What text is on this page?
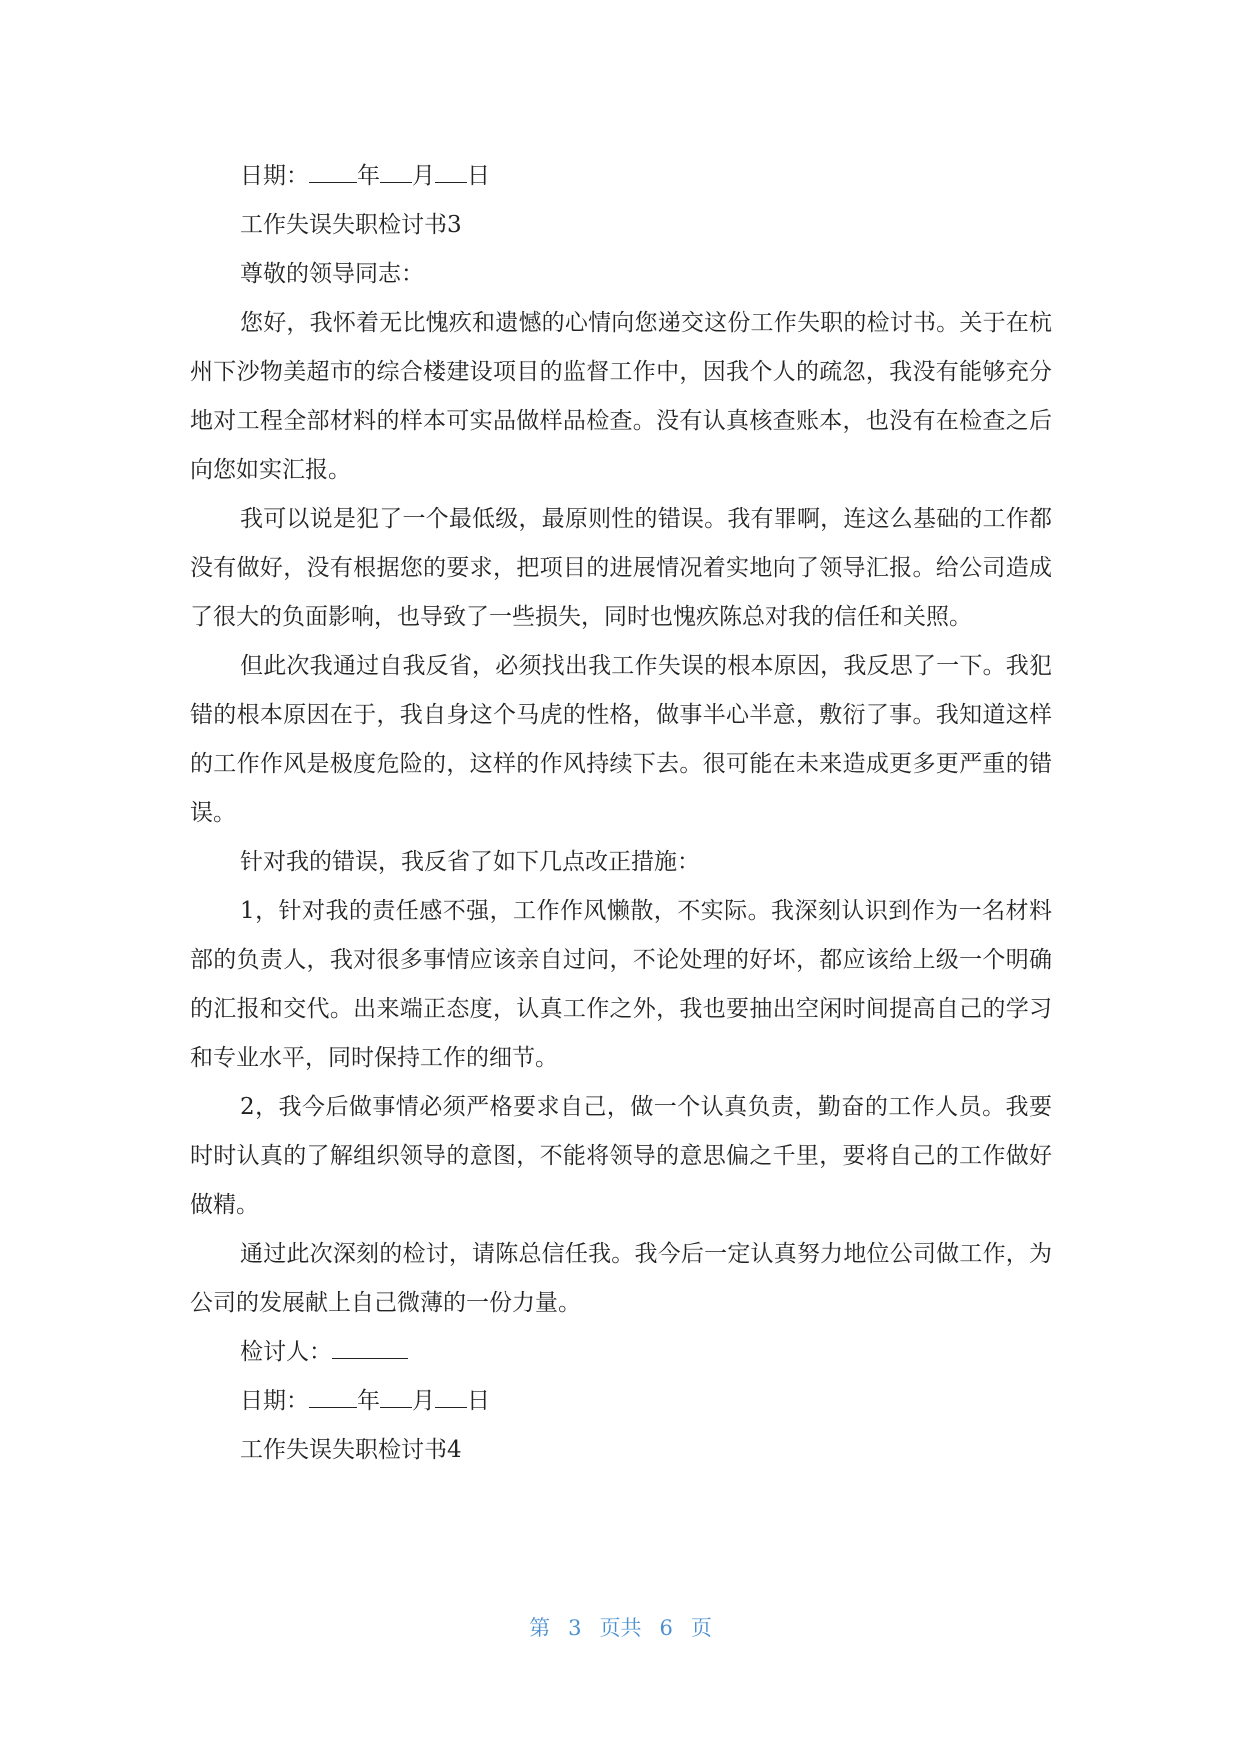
日期： 年 月 日

工作失误失职检讨书3

尊敬的领导同志：

您好，我怀着无比愧疚和遗憾的心情向您递交这份工作失职的检讨书。关于在杭州下沙物美超市的综合楼建设项目的监督工作中，因我个人的疏忽，我没有能够充分地对工程全部材料的样本可实品做样品检查。没有认真核查账本，也没有在检查之后向您如实汇报。

我可以说是犯了一个最低级，最原则性的错误。我有罪啊，连这么基础的工作都没有做好，没有根据您的要求，把项目的进展情况着实地向了领导汇报。给公司造成了很大的负面影响，也导致了一些损失，同时也愧疚陈总对我的信任和关照。

但此次我通过自我反省，必须找出我工作失误的根本原因，我反思了一下。我犯错的根本原因在于，我自身这个马虎的性格，做事半心半意，敷衍了事。我知道这样的工作作风是极度危险的，这样的作风持续下去。很可能在未来造成更多更严重的错误。

针对我的错误，我反省了如下几点改正措施：

1，针对我的责任感不强，工作作风懒散，不实际。我深刻认识到作为一名材料部的负责人，我对很多事情应该亲自过问，不论处理的好坏，都应该给上级一个明确的汇报和交代。出来端正态度，认真工作之外，我也要抽出空闲时间提高自己的学习和专业水平，同时保持工作的细节。

2，我今后做事情必须严格要求自己，做一个认真负责，勤奋的工作人员。我要时时认真的了解组织领导的意图，不能将领导的意思偏之千里，要将自己的工作做好做精。

通过此次深刻的检讨，请陈总信任我。我今后一定认真努力地位公司做工作，为公司的发展献上自己微薄的一份力量。

检讨人：

日期： 年 月 日

工作失误失职检讨书4

第 3 页共 6 页
